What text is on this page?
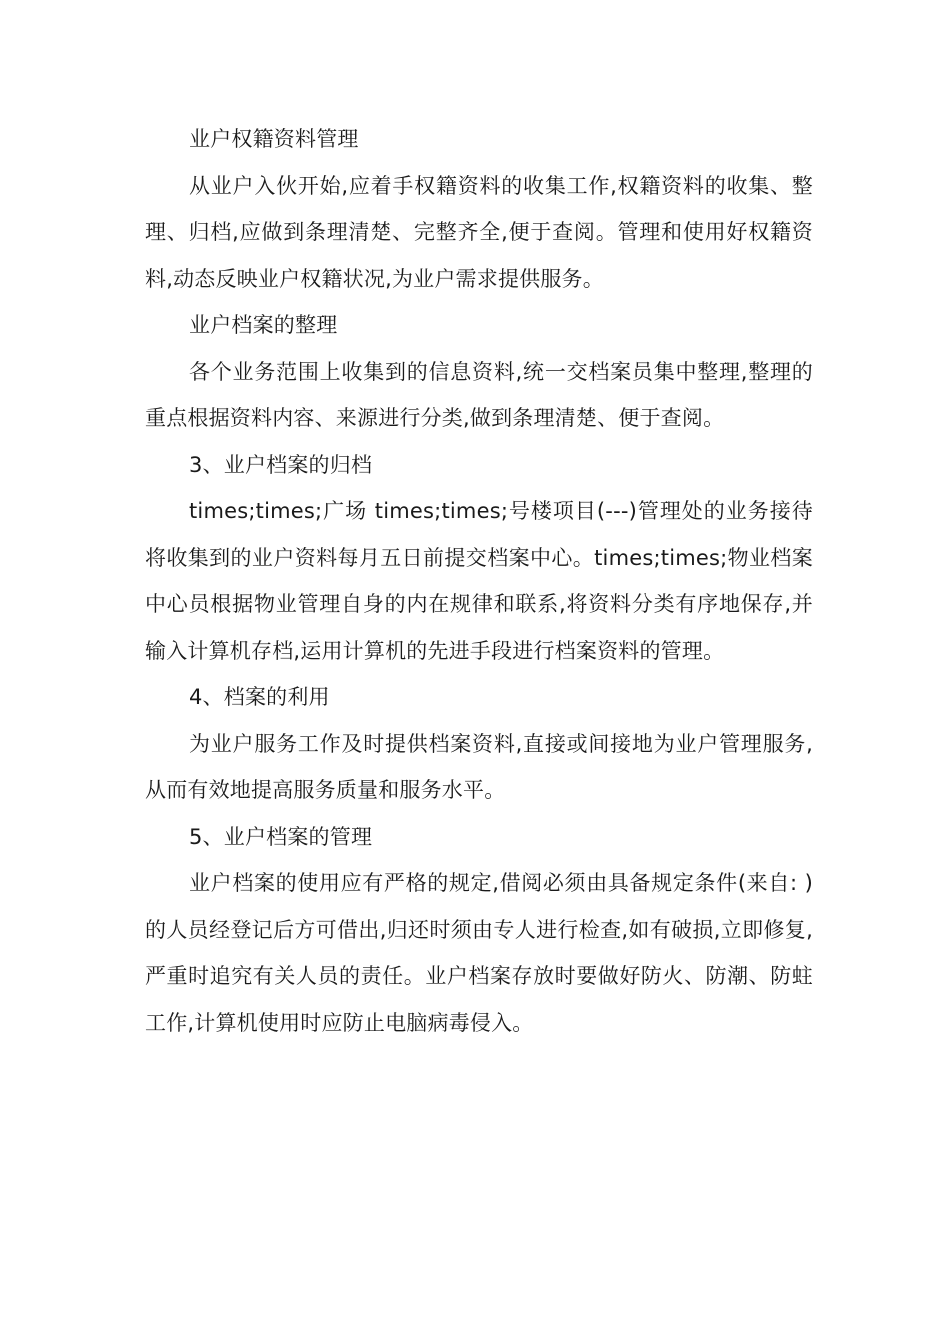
业户权籍资料管理

从业户入伙开始,应着手权籍资料的收集工作,权籍资料的收集、整理、归档,应做到条理清楚、完整齐全,便于查阅。管理和使用好权籍资料,动态反映业户权籍状况,为业户需求提供服务。

业户档案的整理

各个业务范围上收集到的信息资料,统一交档案员集中整理,整理的重点根据资料内容、来源进行分类,做到条理清楚、便于查阅。

3、业户档案的归档

times;times;广场 times;times;号楼项目(---)管理处的业务接待将收集到的业户资料每月五日前提交档案中心。times;times;物业档案中心员根据物业管理自身的内在规律和联系,将资料分类有序地保存,并输入计算机存档,运用计算机的先进手段进行档案资料的管理。

4、档案的利用

为业户服务工作及时提供档案资料,直接或间接地为业户管理服务,从而有效地提高服务质量和服务水平。

5、业户档案的管理

业户档案的使用应有严格的规定,借阅必须由具备规定条件(来自: )的人员经登记后方可借出,归还时须由专人进行检查,如有破损,立即修复,严重时追究有关人员的责任。业户档案存放时要做好防火、防潮、防蛀工作,计算机使用时应防止电脑病毒侵入。
